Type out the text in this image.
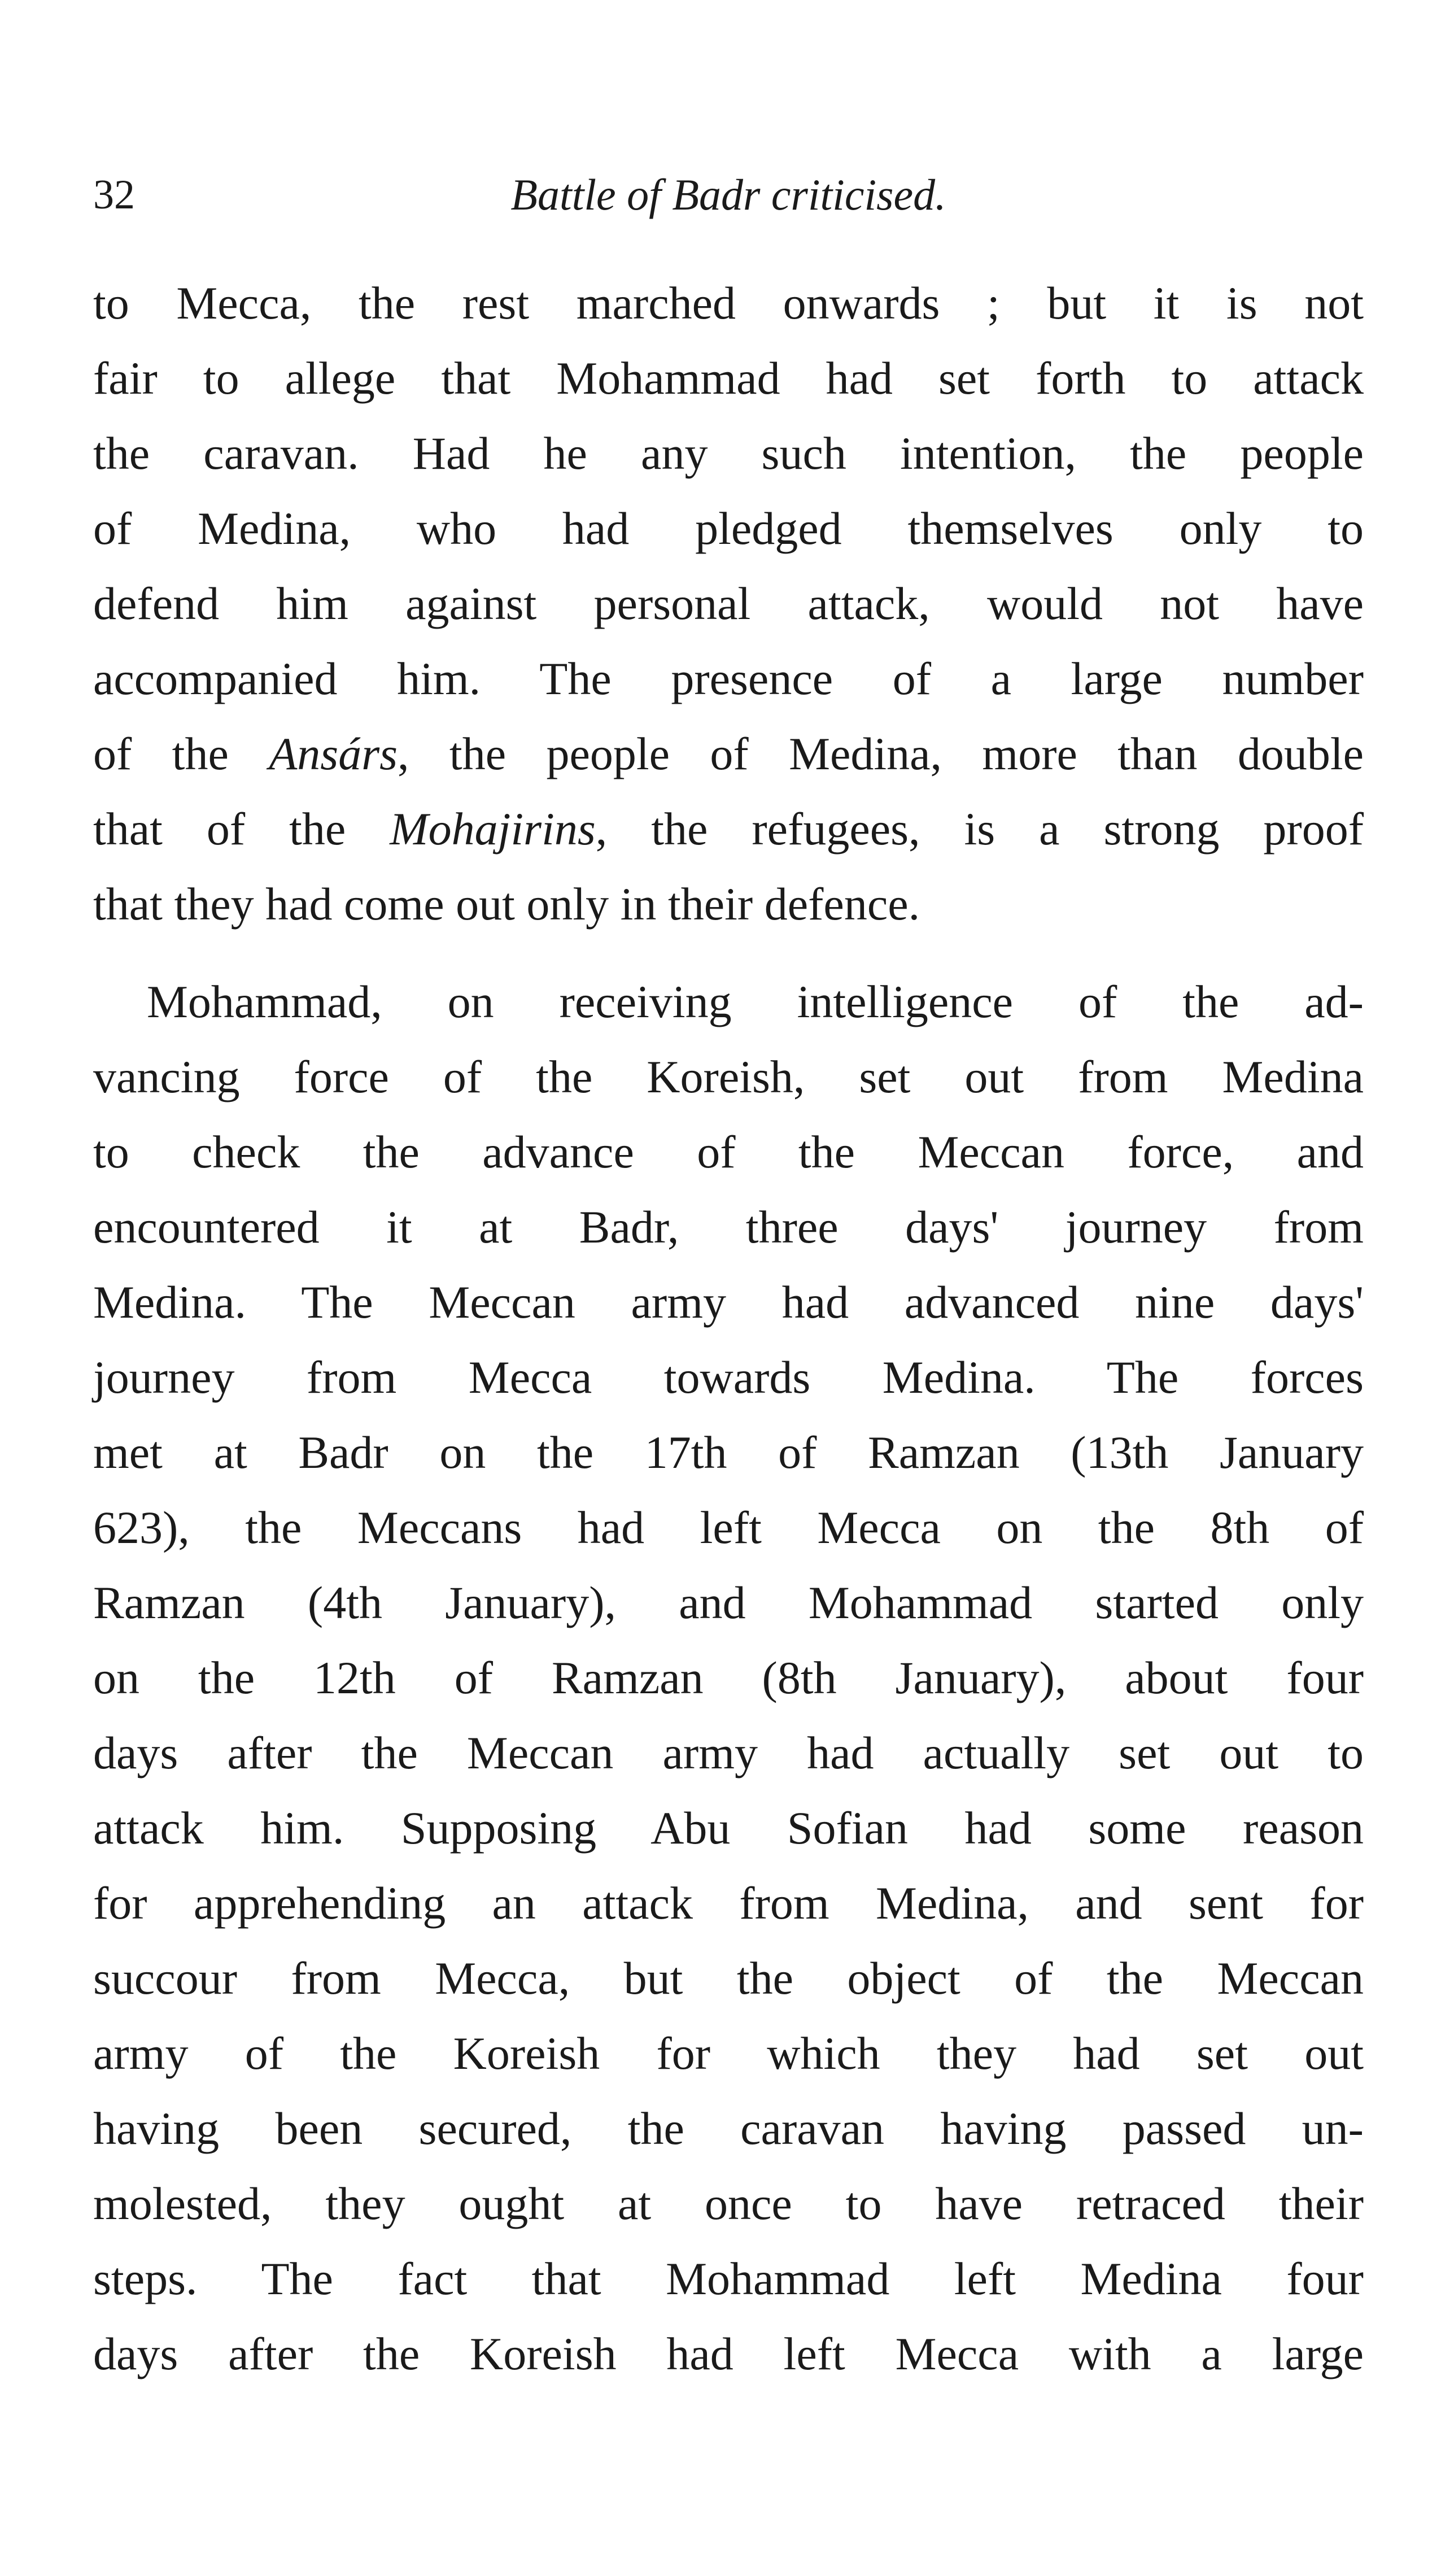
32	Battle of Badr criticised.
to Mecca, the rest marched onwards ; but it is not
fair to allege that Mohammad had set forth to attack
the caravan. Had he any such intention, the people
of Medina, who had pledged themselves only to
defend him against personal attack, would not have
accompanied him. The presence of a large number
of the Ansárs, the people of Medina, more than double
that of the Mohajirins, the refugees, is a strong proof
that they had come out only in their defence.
Mohammad, on receiving intelligence of the ad-
vancing force of the Koreish, set out from Medina
to check the advance of the Meccan force, and
encountered it at Badr, three days' journey from
Medina. The Meccan army had advanced nine days'
journey from Mecca towards Medina. The forces
met at Badr on the 17th of Ramzan (13th January
623), the Meccans had left Mecca on the 8th of
Ramzan (4th January), and Mohammad started only
on the 12th of Ramzan (8th January), about four
days after the Meccan army had actually set out to
attack him. Supposing Abu Sofian had some reason
for apprehending an attack from Medina, and sent for
succour from Mecca, but the object of the Meccan
army of the Koreish for which they had set out
having been secured, the caravan having passed un-
molested, they ought at once to have retraced their
steps. The fact that Mohammad left Medina four
days after the Koreish had left Mecca with a large
